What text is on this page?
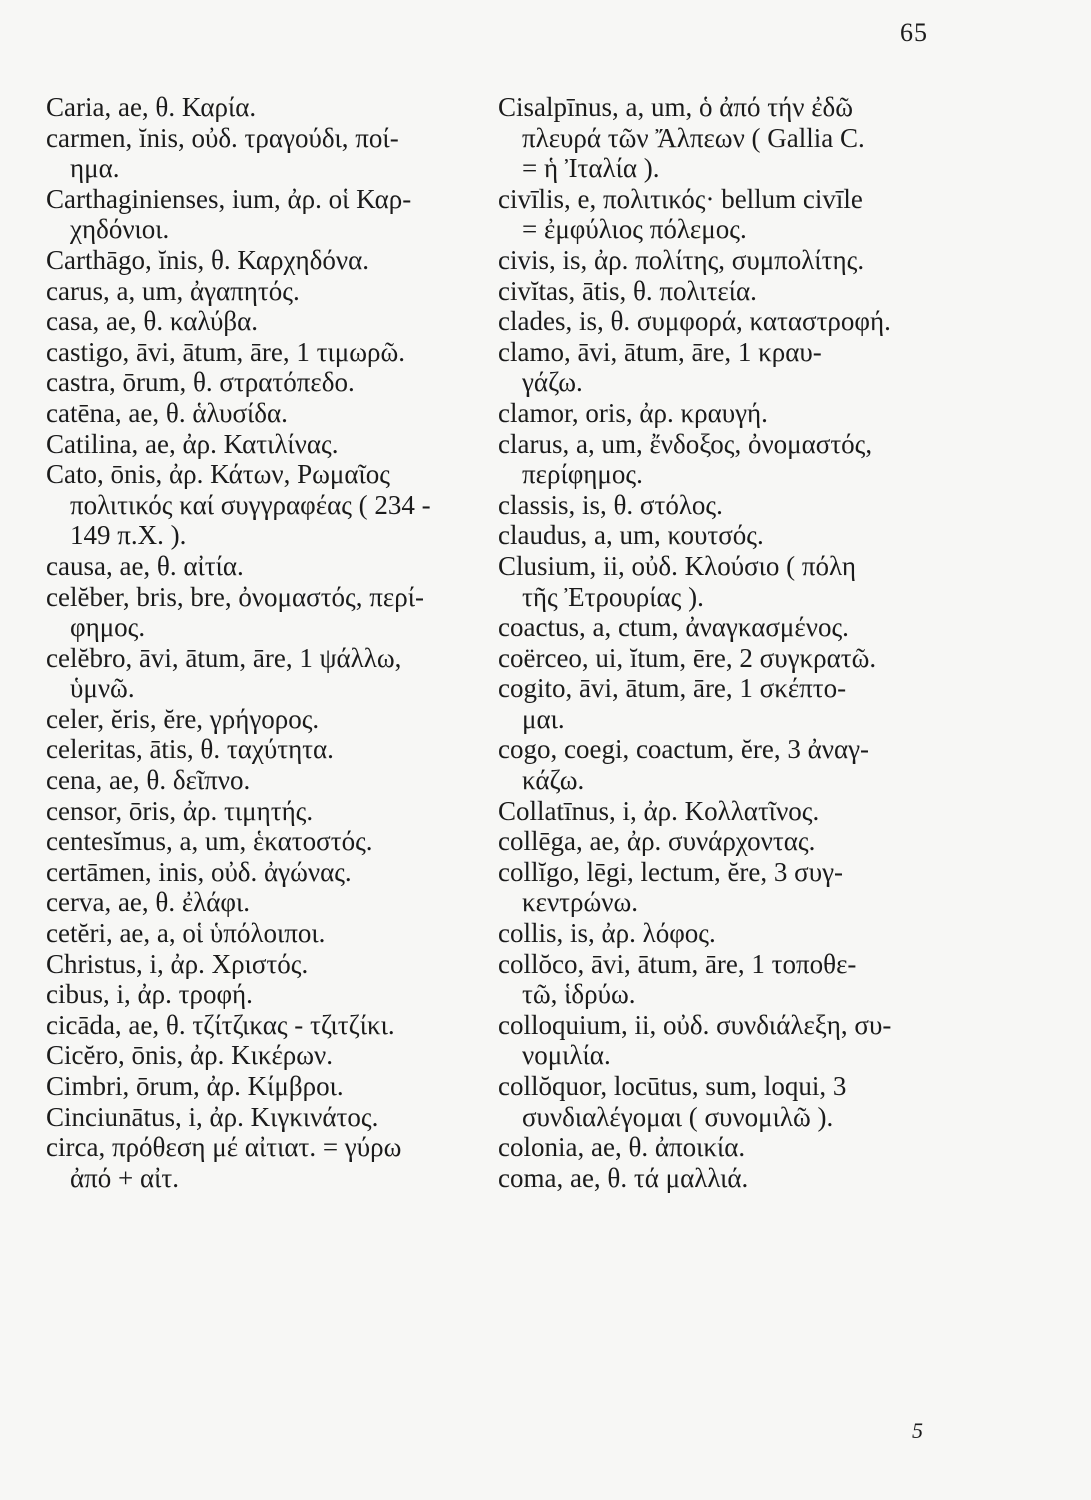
65

Caria, ae, θ. Καρία.

carmen, ĭnis, οὐδ. τραγούδι, ποί-
ημα.

Carthaginienses, ium, ἀρ. οἱ Καρ-
χηδόνιοι.

Carthāgo, ĭnis, θ. Καρχηδόνα.

carus, a, um, ἀγαπητός.

casa, ae, θ. καλύβα.

castigo, āvi, ātum, āre, 1 τιμωρῶ.

castra, ōrum, θ. στρατόπεδο.

catēna, ae, θ. ἁλυσίδα.

Catilina, ae, ἀρ. Κατιλίνας.

Cato, ōnis, ἀρ. Κάτων, Ρωμαῖος
πολιτικός καί συγγραφέας ( 234 -
149 π.Χ. ).

causa, ae, θ. αἰτία.

celĕber, bris, bre, ὀνομαστός, περί-
φημος.

celĕbro, āvi, ātum, āre, 1 ψάλλω,
ὑμνῶ.

celer, ĕris, ĕre, γρήγορος.

celeritas, ātis, θ. ταχύτητα.

cena, ae, θ. δεῖπνο.

censor, ōris, ἀρ. τιμητής.

centesĭmus, a, um, ἑκατοστός.

certāmen, inis, οὐδ. ἀγώνας.

cerva, ae, θ. ἐλάφι.

cetĕri, ae, a, οἱ ὑπόλοιποι.

Christus, i, ἀρ. Χριστός.

cibus, i, ἀρ. τροφή.

cicāda, ae, θ. τζίτζικας - τζιτζίκι.

Cicĕro, ōnis, ἀρ. Κικέρων.

Cimbri, ōrum, ἀρ. Κίμβροι.

Cinciunātus, i, ἀρ. Κιγκινάτος.

circa, πρόθεση μέ αἰτιατ. = γύρω
ἀπό + αἰτ.

Cisalpīnus, a, um, ὁ ἀπό τήν ἐδῶ
πλευρά τῶν Ἄλπεων ( Gallia C.
= ἡ Ἰταλία ).

civīlis, e, πολιτικός· bellum civīle
= ἐμφύλιος πόλεμος.

civis, is, ἀρ. πολίτης, συμπολίτης.

civĭtas, ātis, θ. πολιτεία.

clades, is, θ. συμφορά, καταστροφή.

clamo, āvi, ātum, āre, 1 κραυ-
γάζω.

clamor, oris, ἀρ. κραυγή.

clarus, a, um, ἔνδοξος, ὀνομαστός,
περίφημος.

classis, is, θ. στόλος.

claudus, a, um, κουτσός.

Clusium, ii, οὐδ. Κλούσιο ( πόλη
τῆς Ἐτρουρίας ).

coactus, a, ctum, ἀναγκασμένος.

coërceo, ui, ĭtum, ēre, 2 συγκρατῶ.

cogito, āvi, ātum, āre, 1 σκέπτο-
μαι.

cogo, coegi, coactum, ĕre, 3 ἀναγ-
κάζω.

Collatīnus, i, ἀρ. Κολλατῖνος.

collēga, ae, ἀρ. συνάρχοντας.

collĭgo, lēgi, lectum, ĕre, 3 συγ-
κεντρώνω.

collis, is, ἀρ. λόφος.

collŏco, āvi, ātum, āre, 1 τοποθε-
τῶ, ἱδρύω.

colloquium, ii, οὐδ. συνδιάλεξη, συ-
νομιλία.

collŏquor, locūtus, sum, loqui, 3
συνδιαλέγομαι ( συνομιλῶ ).

colonia, ae, θ. ἀποικία.

coma, ae, θ. τά μαλλιά.

5
